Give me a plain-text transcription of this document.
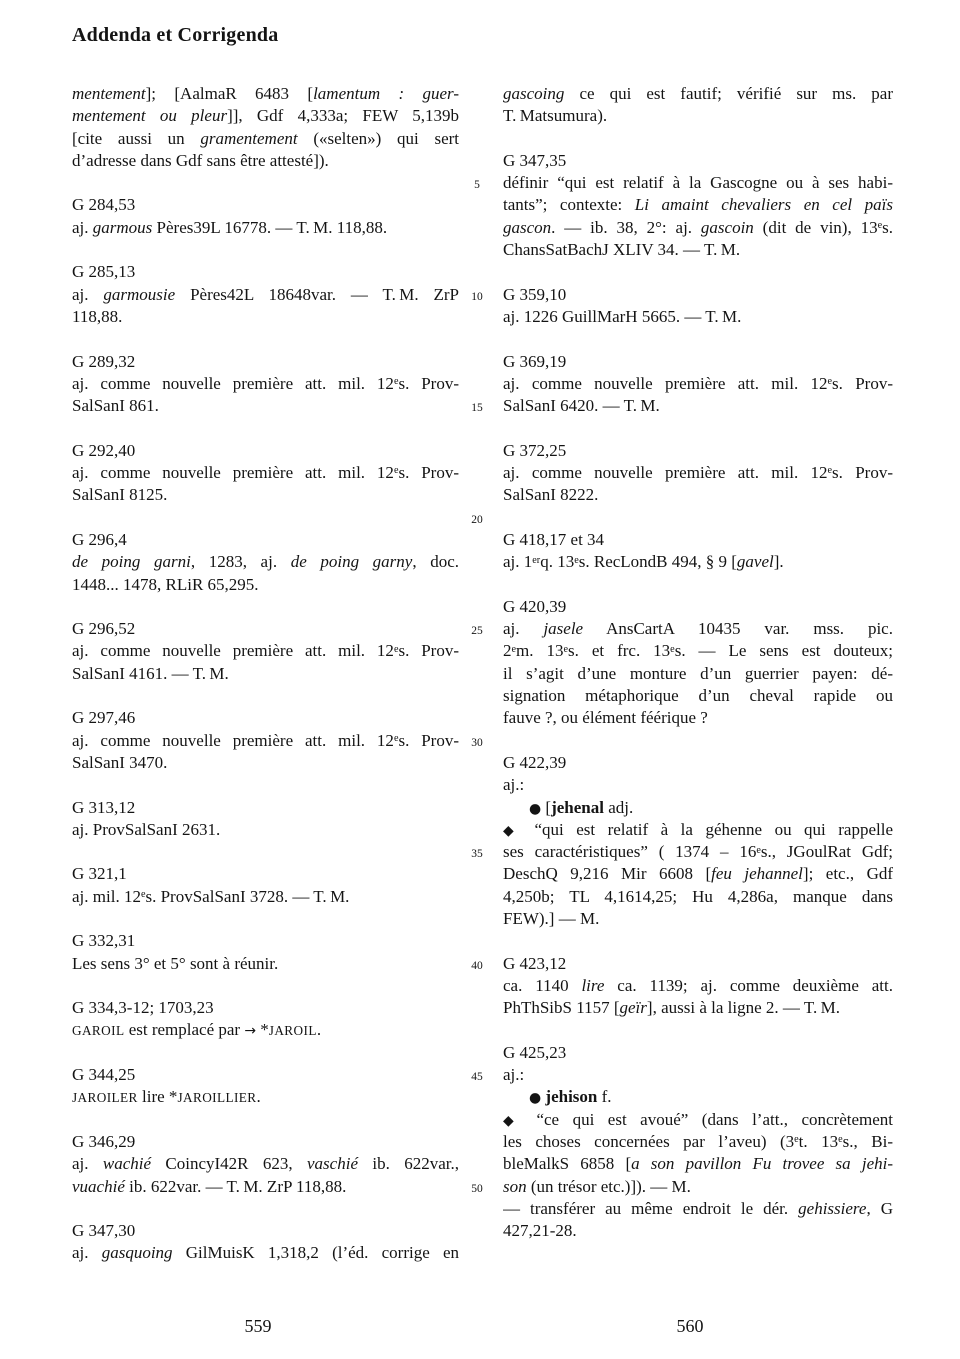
Addenda et Corrigenda
mentement]; [AalmaR 6483 [lamentum : guer-
mentement ou pleur]], Gdf 4,333a; FEW 5,139b
[cite aussi un gramentement («selten») qui sert
d’adresse dans Gdf sans être attesté]).
G 284,53
aj. garmous Pères39L 16778. — T. M. 118,88.
G 285,13
aj. garmousie Pères42L 18648var. — T. M. ZrP
118,88.
G 289,32
aj. comme nouvelle première att. mil. 12es. Prov-
SalSanI 861.
G 292,40
aj. comme nouvelle première att. mil. 12es. Prov-
SalSanI 8125.
G 296,4
de poing garni, 1283, aj. de poing garny, doc.
1448... 1478, RLiR 65,295.
G 296,52
aj. comme nouvelle première att. mil. 12es. Prov-
SalSanI 4161. — T. M.
G 297,46
aj. comme nouvelle première att. mil. 12es. Prov-
SalSanI 3470.
G 313,12
aj. ProvSalSanI 2631.
G 321,1
aj. mil. 12es. ProvSalSanI 3728. — T. M.
G 332,31
Les sens 3° et 5° sont à réunir.
G 334,3-12; 1703,23
GAROIL est remplacé par → *JAROIL.
G 344,25
JAROILER lire *JAROILLIER.
G 346,29
aj. wachié CoincyI42R 623, vaschié ib. 622var.,
vuachié ib. 622var. — T. M. ZrP 118,88.
G 347,30
aj. gasquoing GilMuisK 1,318,2 (l’éd. corrige en
5
10
15
20
25
30
35
40
45
50
gascoing ce qui est fautif; vérifié sur ms. par
T. Matsumura).
G 347,35
définir “qui est relatif à la Gascogne ou à ses habi-
tants”; contexte: Li amaint chevaliers en cel païs
gascon. — ib. 38, 2°: aj. gascoin (dit de vin), 13es.
ChansSatBachJ XLIV 34. — T. M.
G 359,10
aj. 1226 GuillMarH 5665. — T. M.
G 369,19
aj. comme nouvelle première att. mil. 12es. Prov-
SalSanI 6420. — T. M.
G 372,25
aj. comme nouvelle première att. mil. 12es. Prov-
SalSanI 8222.
G 418,17 et 34
aj. 1erq. 13es. RecLondB 494, § 9 [gavel].
G 420,39
aj. jasele AnsCartA 10435 var. mss. pic.
2em. 13es. et frc. 13es. — Le sens est douteux;
il s’agit d’une monture d’un guerrier payen: dé-
signation métaphorique d’un cheval rapide ou
fauve ?, ou élément féérique ?
G 422,39
aj.:
● [jehenal adj.
◆ “qui est relatif à la géhenne ou qui rappelle
ses caractéristiques” ( 1374 – 16es., JGoulRat Gdf;
DeschQ 9,216 Mir 6608 [feu jehannel]; etc., Gdf
4,250b; TL 4,1614,25; Hu 4,286a, manque dans
FEW).] — M.
G 423,12
ca. 1140 lire ca. 1139; aj. comme deuxième att.
PhThSibS 1157 [geïr], aussi à la ligne 2. — T. M.
G 425,23
aj.:
● jehison f.
◆ “ce qui est avoué” (dans l’att., concrètement
les choses concernées par l’aveu) (3et. 13es., Bi-
bleMalkS 6858 [a son pavillon Fu trovee sa jehi-
son (un trésor etc.)]). — M.
— transférer au même endroit le dér. gehissiere, G
427,21-28.
559	560
